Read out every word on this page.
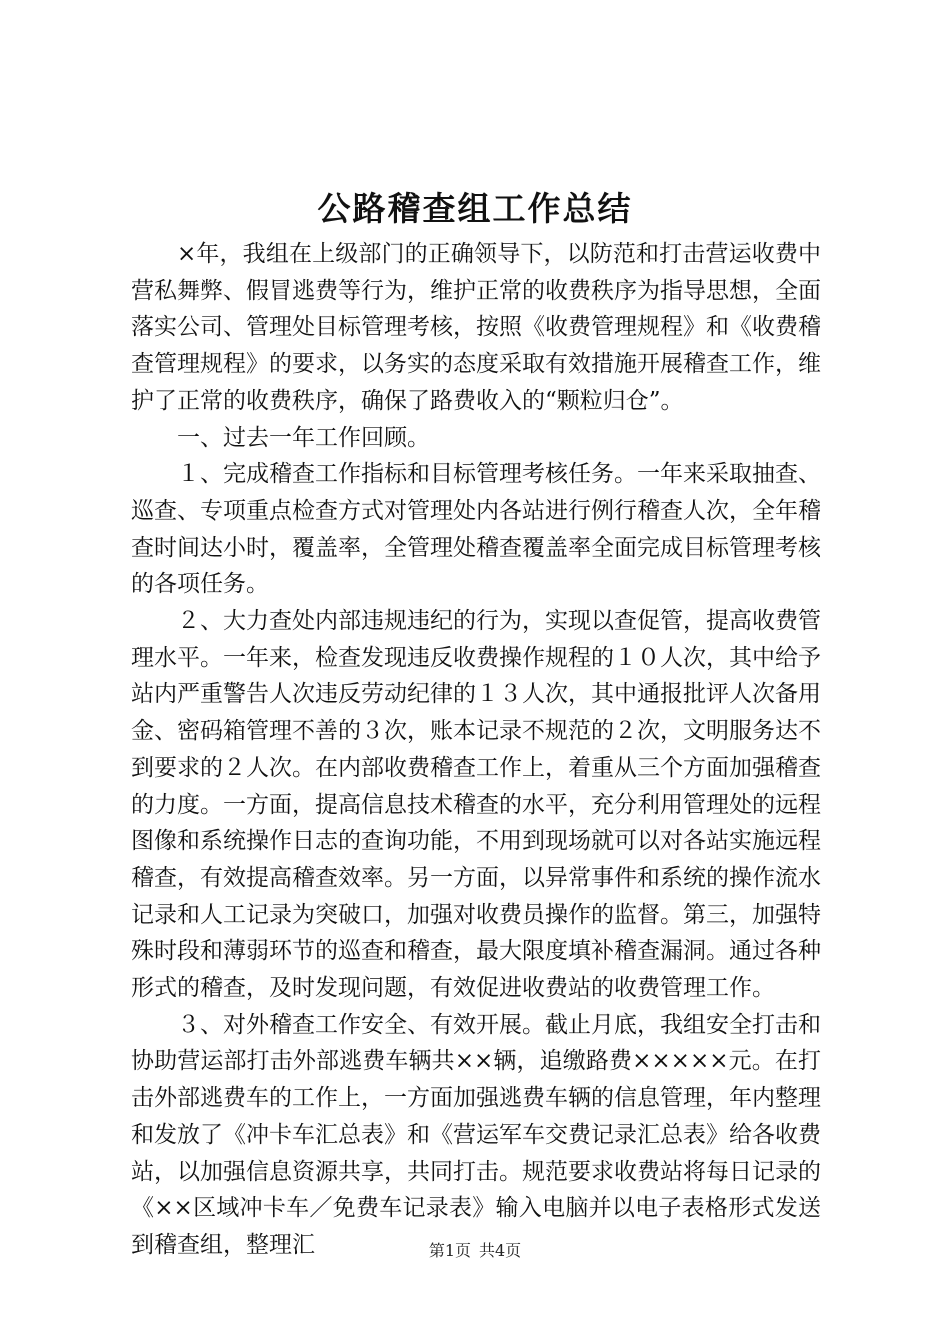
公路稽查组工作总结

×年，我组在上级部门的正确领导下，以防范和打击营运收费中营私舞弊、假冒逃费等行为，维护正常的收费秩序为指导思想，全面落实公司、管理处目标管理考核，按照《收费管理规程》和《收费稽查管理规程》的要求，以务实的态度采取有效措施开展稽查工作，维护了正常的收费秩序，确保了路费收入的“颗粒归仓”。

一、过去一年工作回顾。

１、完成稽查工作指标和目标管理考核任务。一年来采取抽查、巡查、专项重点检查方式对管理处内各站进行例行稽查人次，全年稽查时间达小时，覆盖率，全管理处稽查覆盖率全面完成目标管理考核的各项任务。

２、大力查处内部违规违纪的行为，实现以查促管，提高收费管理水平。一年来，检查发现违反收费操作规程的１０人次，其中给予站内严重警告人次违反劳动纪律的１３人次，其中通报批评人次备用金、密码箱管理不善的３次，账本记录不规范的２次，文明服务达不到要求的２人次。在内部收费稽查工作上，着重从三个方面加强稽查的力度。一方面，提高信息技术稽查的水平，充分利用管理处的远程图像和系统操作日志的查询功能，不用到现场就可以对各站实施远程稽查，有效提高稽查效率。另一方面，以异常事件和系统的操作流水记录和人工记录为突破口，加强对收费员操作的监督。第三，加强特殊时段和薄弱环节的巡查和稽查，最大限度填补稽查漏洞。通过各种形式的稽查，及时发现问题，有效促进收费站的收费管理工作。

３、对外稽查工作安全、有效开展。截止月底，我组安全打击和协助营运部打击外部逃费车辆共××辆，追缴路费×××××元。在打击外部逃费车的工作上，一方面加强逃费车辆的信息管理，年内整理和发放了《冲卡车汇总表》和《营运军车交费记录汇总表》给各收费站，以加强信息资源共享，共同打击。规范要求收费站将每日记录的《××区域冲卡车／免费车记录表》输入电脑并以电子表格形式发送到稽查组，整理汇	第1页 共4页
